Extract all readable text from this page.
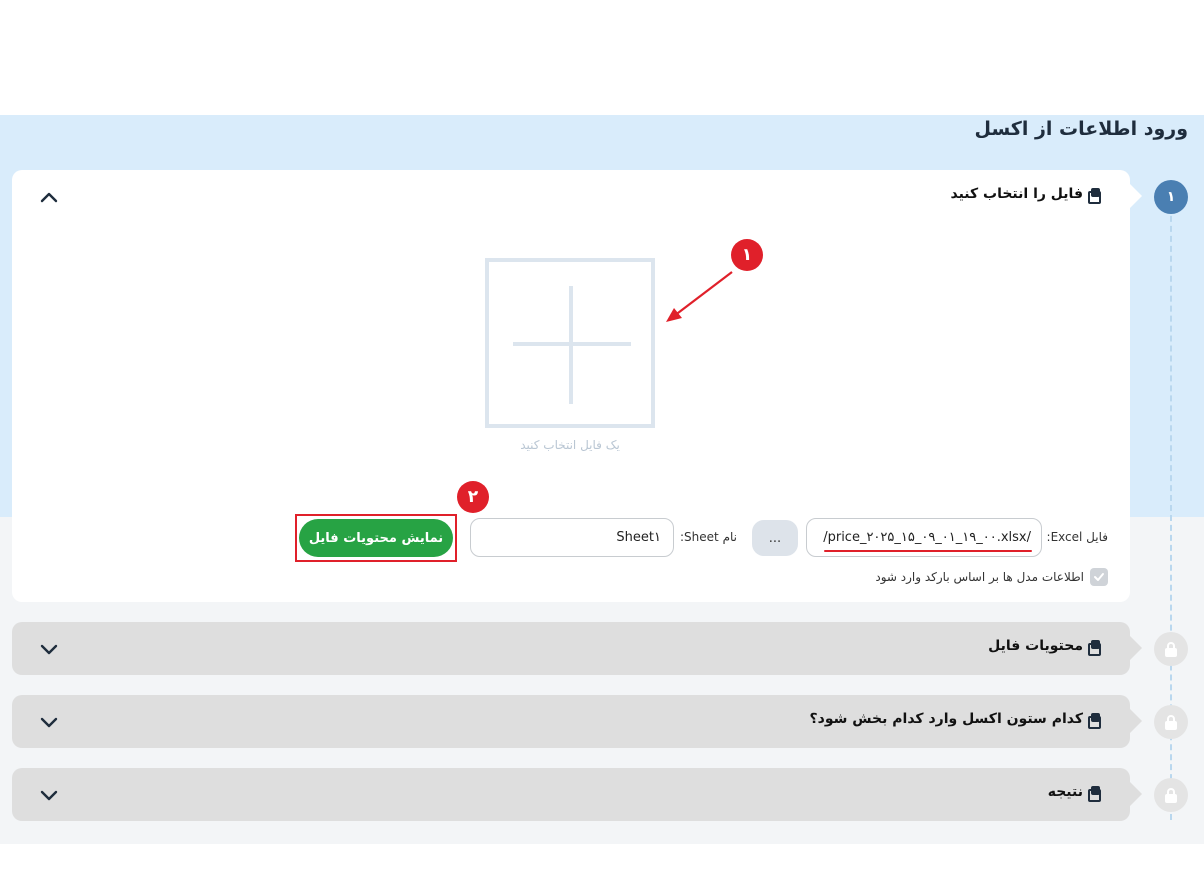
ورود اطلاعات از اکسل
فایل را انتخاب کنید
یک فایل انتخاب کنید
فایل Excel:
/price_۲۰۲۵_۱۵_۰۹_۰۱_۱۹_۰۰.xlsx/
...
نام Sheet:
Sheet۱
نمایش محتویات فایل
اطلاعات مدل ها بر اساس بارکد وارد شود
محتویات فایل
کدام ستون اکسل وارد کدام بخش شود؟
نتیجه
۱
۱
۲
